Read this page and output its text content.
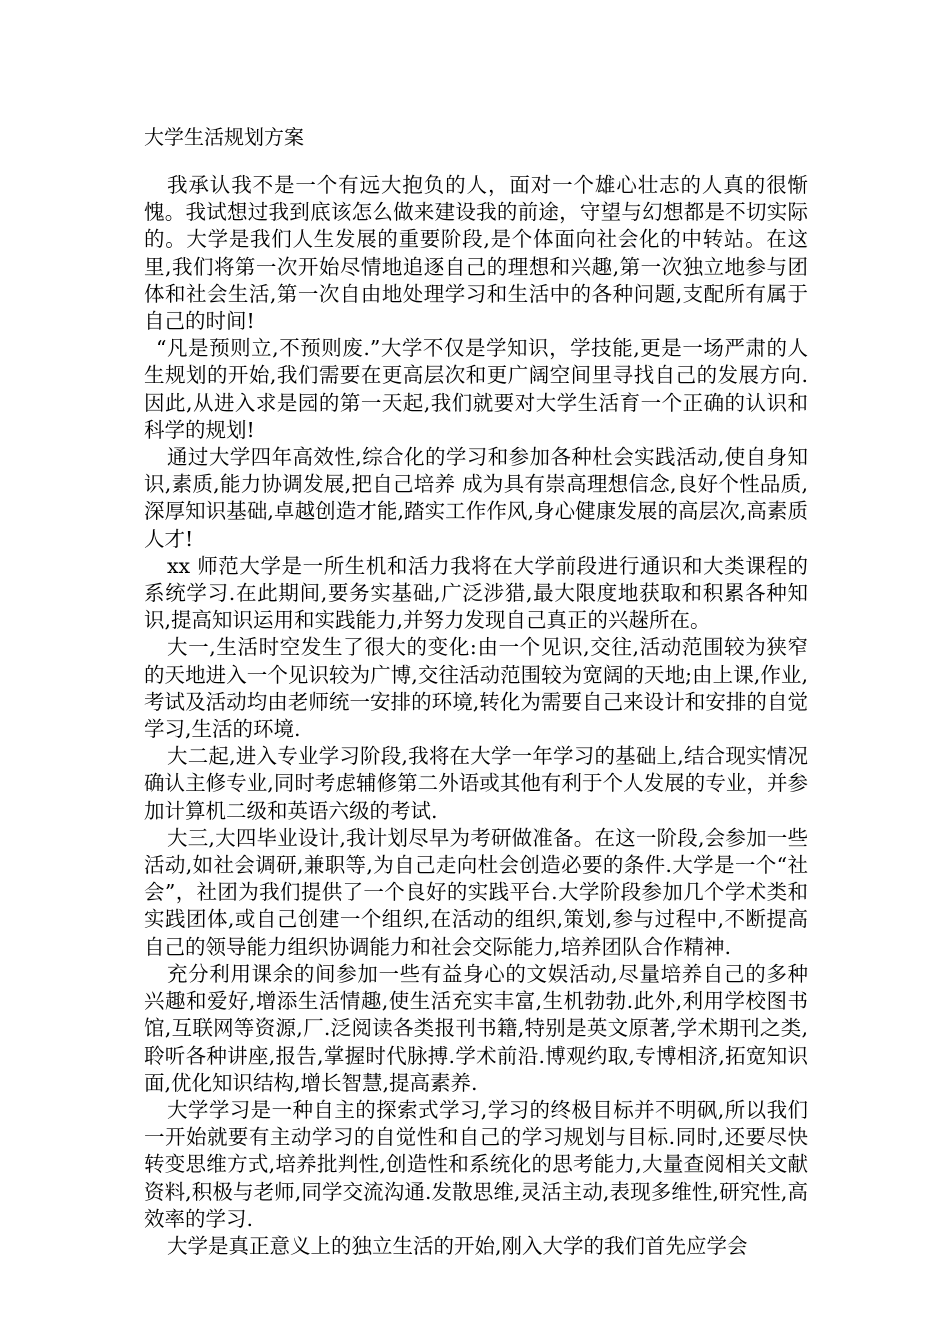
大学生活规划方案

我承认我不是一个有远大抱负的人，面对一个雄心壮志的人真的很惭愧。我试想过我到底该怎么做来建设我的前途，守望与幻想都是不切实际的。大学是我们人生发展的重要阶段,是个体面向社会化的中转站。在这里,我们将第一次开始尽情地追逐自己的理想和兴趣,第一次独立地参与团体和社会生活,第一次自由地处理学习和生活中的各种问题,支配所有属于自己的时间!

“凡是预则立,不预则废.”大学不仅是学知识，学技能,更是一场严肃的人生规划的开始,我们需要在更高层次和更广阔空间里寻找自己的发展方向.因此,从进入求是园的第一天起,我们就要对大学生活育一个正确的认识和科学的规划!

通过大学四年高效性,综合化的学习和参加各种杜会实践活动,使自身知识,素质,能力协调发展,把自己培养 成为具有崇高理想信念,良好个性品质,深厚知识基础,卓越创造才能,踏实工作作风,身心健康发展的高层次,高素质人才!

xx 师范大学是一所生机和活力我将在大学前段进行通识和大类课程的系统学习.在此期间,要务实基础,广泛涉猎,最大限度地获取和积累各种知识,提高知识运用和实践能力,并努力发现自己真正的兴趓所在。

大一,生活时空发生了很大的变化:由一个见识,交往,活动范围较为狭窄的天地进入一个见识较为广博,交往活动范围较为宽阔的天地;由上课,作业,考试及活动均由老师统一安排的环境,转化为需要自己来设计和安排的自觉学习,生活的环境.

大二起,进入专业学习阶段,我将在大学一年学习的基础上,结合现实情况确认主修专业,同时考虑辅修第二外语或其他有利于个人发展的专业，并参加计算机二级和英语六级的考试.

大三,大四毕业设计,我计划尽早为考研做准备。在这一阶段,会参加一些活动,如社会调研,兼职等,为自己走向杜会创造必要的条件.大学是一个“社会”，社团为我们提供了一个良好的实践平台.大学阶段参加几个学术类和实践团体,或自己创建一个组织,在活动的组织,策划,参与过程中,不断提高自己的领导能力组织协调能力和社会交际能力,培养团队合作精神.

充分利用课余的间参加一些有益身心的文娱活动,尽量培养自己的多种兴趣和爱好,增添生活情趣,使生活充实丰富,生机勃勃.此外,利用学校图书馆,互联网等资源,厂.泛阅读各类报刊书籍,特别是英文原著,学术期刊之类,聆听各种讲座,报告,掌握时代脉搏.学术前沿.博观约取,专博相济,拓宽知识面,优化知识结构,增长智慧,提高素养.

大学学习是一种自主的探索式学习,学习的终极目标并不明砜,所以我们一开始就要有主动学习的自觉性和自己的学习规划与目标.同时,还要尽快转变思维方式,培养批判性,创造性和系统化的思考能力,大量查阅相关文献资料,积极与老师,同学交流沟通.发散思维,灵活主动,表现多维性,研究性,高效率的学习.

大学是真正意义上的独立生活的开始,刚入大学的我们首先应学会
